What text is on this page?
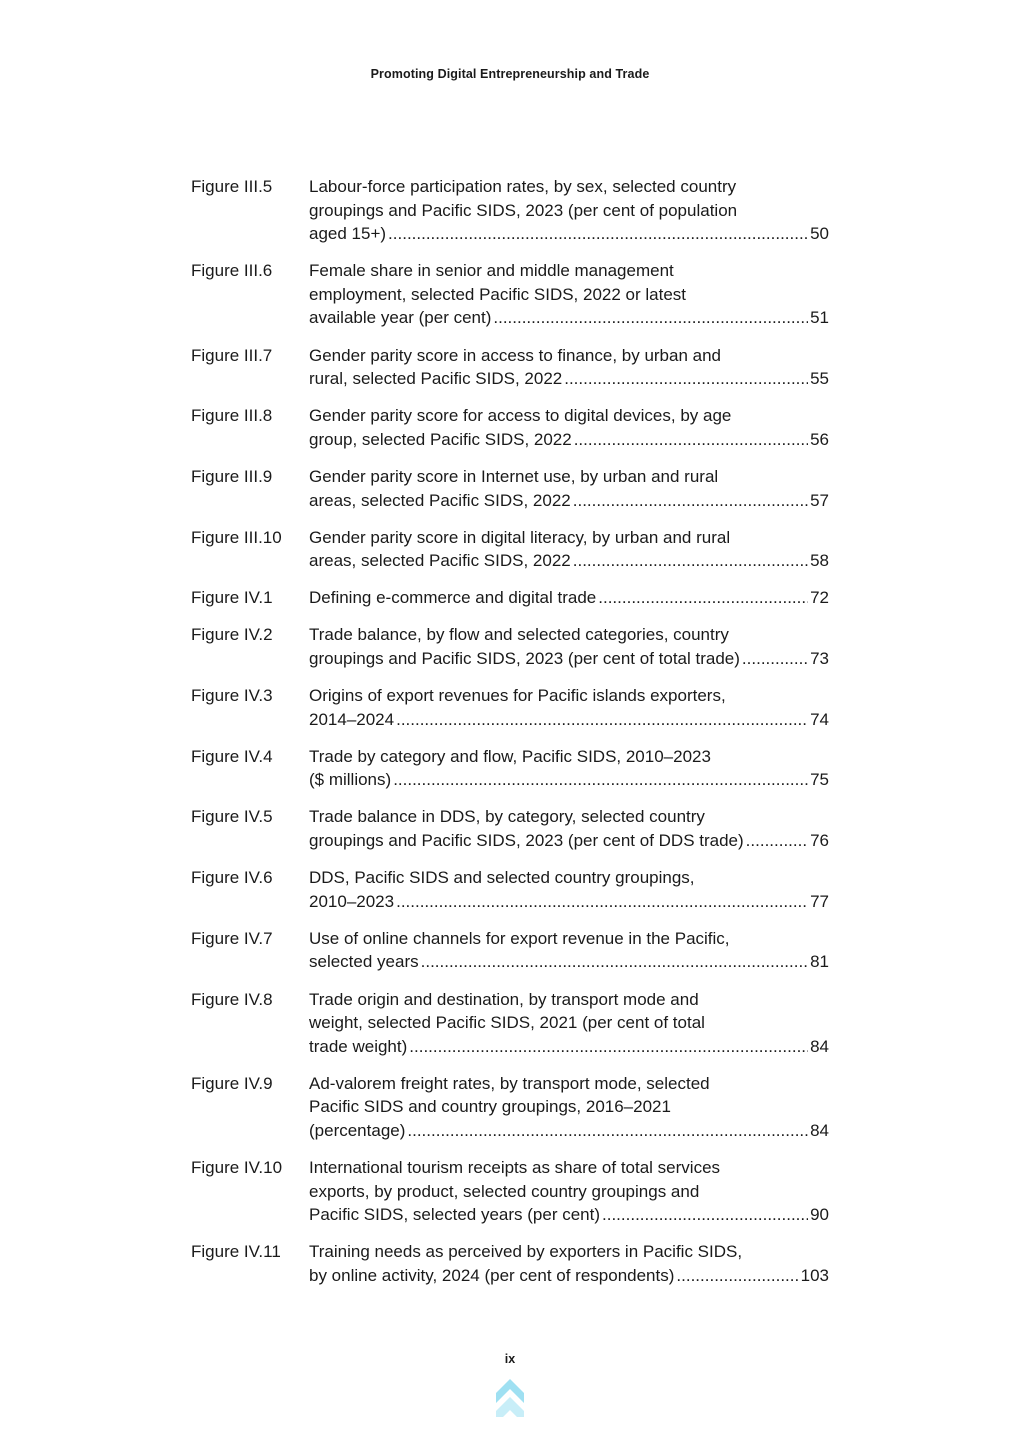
Promoting Digital Entrepreneurship and Trade
Figure III.5	Labour-force participation rates, by sex, selected country
groupings and Pacific SIDS, 2023 (per cent of population
aged 15+) .....	50
Figure III.6	Female share in senior and middle management
employment, selected Pacific SIDS, 2022 or latest
available year (per cent) .....	51
Figure III.7	Gender parity score in access to finance, by urban and
rural, selected Pacific SIDS, 2022 .....	55
Figure III.8	Gender parity score for access to digital devices, by age
group, selected Pacific SIDS, 2022 .....	56
Figure III.9	Gender parity score in Internet use, by urban and rural
areas, selected Pacific SIDS, 2022 .....	57
Figure III.10	Gender parity score in digital literacy, by urban and rural
areas, selected Pacific SIDS, 2022 .....	58
Figure IV.1	Defining e-commerce and digital trade .....	72
Figure IV.2	Trade balance, by flow and selected categories, country
groupings and Pacific SIDS, 2023 (per cent of total trade) .....	73
Figure IV.3	Origins of export revenues for Pacific islands exporters,
2014–2024 .....	74
Figure IV.4	Trade by category and flow, Pacific SIDS, 2010–2023
($ millions) .....	75
Figure IV.5	Trade balance in DDS, by category, selected country
groupings and Pacific SIDS, 2023 (per cent of DDS trade) .....	76
Figure IV.6	DDS, Pacific SIDS and selected country groupings,
2010–2023 .....	77
Figure IV.7	Use of online channels for export revenue in the Pacific,
selected years .....	81
Figure IV.8	Trade origin and destination, by transport mode and
weight, selected Pacific SIDS, 2021 (per cent of total
trade weight) .....	84
Figure IV.9	Ad-valorem freight rates, by transport mode, selected
Pacific SIDS and country groupings, 2016–2021
(percentage) .....	84
Figure IV.10	International tourism receipts as share of total services
exports, by product, selected country groupings and
Pacific SIDS, selected years (per cent) .....	90
Figure IV.11	Training needs as perceived by exporters in Pacific SIDS,
by online activity, 2024 (per cent of respondents) .....	103
ix
